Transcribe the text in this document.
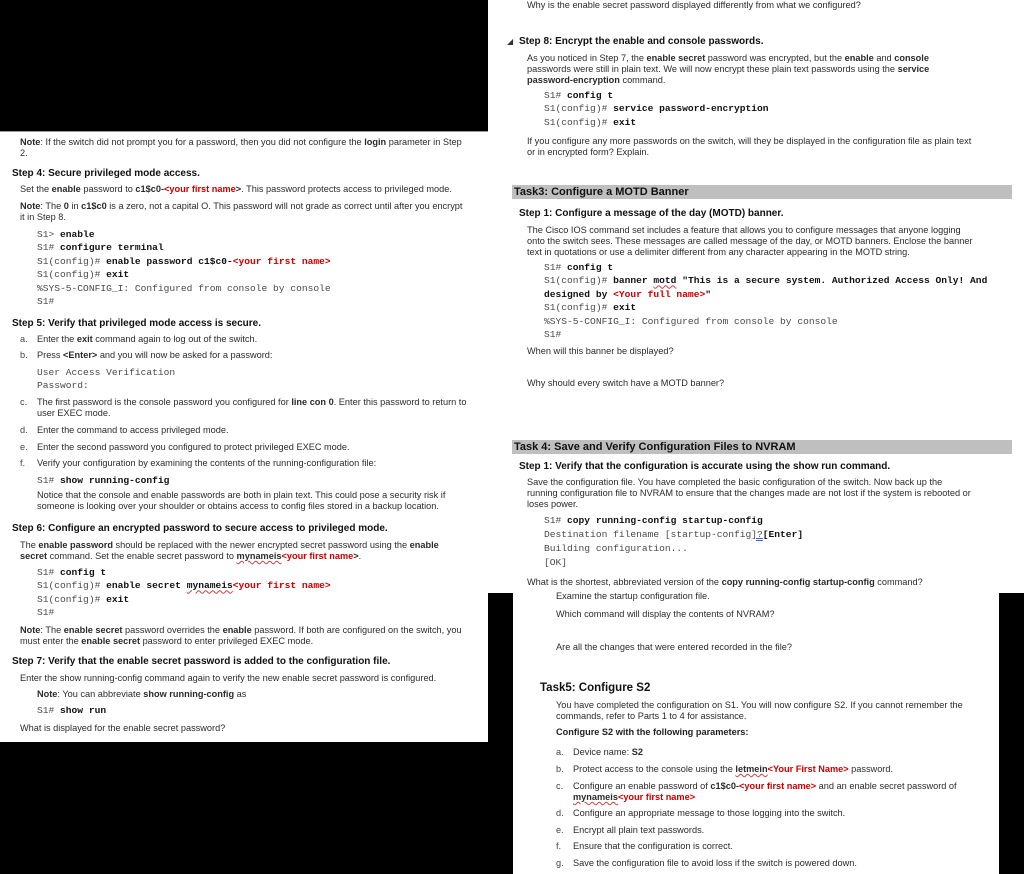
Note: If the switch did not prompt you for a password, then you did not configure the login parameter in Step
2.
Step 4: Secure privileged mode access.
Set the enable password to c1$c0-<your first name>. This password protects access to privileged mode.
Note: The 0 in c1$c0 is a zero, not a capital O. This password will not grade as correct until after you encrypt
it in Step 8.
S1> enable
S1# configure terminal
S1(config)# enable password c1$c0-<your first name>
S1(config)# exit
%SYS-5-CONFIG_I: Configured from console by console
S1#
Step 5: Verify that privileged mode access is secure.
a. Enter the exit command again to log out of the switch.
b. Press <Enter> and you will now be asked for a password:
User Access Verification
Password:
c. The first password is the console password you configured for line con 0. Enter this password to return to
user EXEC mode.
d. Enter the command to access privileged mode.
e. Enter the second password you configured to protect privileged EXEC mode.
f. Verify your configuration by examining the contents of the running-configuration file:
S1# show running-config
Notice that the console and enable passwords are both in plain text. This could pose a security risk if
someone is looking over your shoulder or obtains access to config files stored in a backup location.
Step 6: Configure an encrypted password to secure access to privileged mode.
The enable password should be replaced with the newer encrypted secret password using the enable
secret command. Set the enable secret password to mynameis<your first name>.
S1# config t
S1(config)# enable secret mynameis<your first name>
S1(config)# exit
S1#
Note: The enable secret password overrides the enable password. If both are configured on the switch, you
must enter the enable secret password to enter privileged EXEC mode.
Step 7: Verify that the enable secret password is added to the configuration file.
Enter the show running-config command again to verify the new enable secret password is configured.
Note: You can abbreviate show running-config as
S1# show run
What is displayed for the enable secret password?
Why is the enable secret password displayed differently from what we configured?
◢ Step 8: Encrypt the enable and console passwords.
As you noticed in Step 7, the enable secret password was encrypted, but the enable and console
passwords were still in plain text. We will now encrypt these plain text passwords using the service
password-encryption command.
S1# config t
S1(config)# service password-encryption
S1(config)# exit
If you configure any more passwords on the switch, will they be displayed in the configuration file as plain text
or in encrypted form? Explain.
Task3: Configure a MOTD Banner
Step 1: Configure a message of the day (MOTD) banner.
The Cisco IOS command set includes a feature that allows you to configure messages that anyone logging
onto the switch sees. These messages are called message of the day, or MOTD banners. Enclose the banner
text in quotations or use a delimiter different from any character appearing in the MOTD string.
S1# config t
S1(config)# banner motd "This is a secure system. Authorized Access Only! And
designed by <Your full name>"
S1(config)# exit
%SYS-5-CONFIG_I: Configured from console by console
S1#
When will this banner be displayed?
Why should every switch have a MOTD banner?
Task 4: Save and Verify Configuration Files to NVRAM
Step 1: Verify that the configuration is accurate using the show run command.
Save the configuration file. You have completed the basic configuration of the switch. Now back up the
running configuration file to NVRAM to ensure that the changes made are not lost if the system is rebooted or
loses power.
S1# copy running-config startup-config
Destination filename [startup-config]?[Enter]
Building configuration...
[OK]
What is the shortest, abbreviated version of the copy running-config startup-config command?
Examine the startup configuration file.
Which command will display the contents of NVRAM?
Are all the changes that were entered recorded in the file?
Task5: Configure S2
You have completed the configuration on S1. You will now configure S2. If you cannot remember the
commands, refer to Parts 1 to 4 for assistance.
Configure S2 with the following parameters:
a. Device name: S2
b. Protect access to the console using the letmein<Your First Name> password.
c. Configure an enable password of c1$c0-<your first name> and an enable secret password of
mynameis<your first name>
d. Configure an appropriate message to those logging into the switch.
e. Encrypt all plain text passwords.
f. Ensure that the configuration is correct.
g. Save the configuration file to avoid loss if the switch is powered down.
